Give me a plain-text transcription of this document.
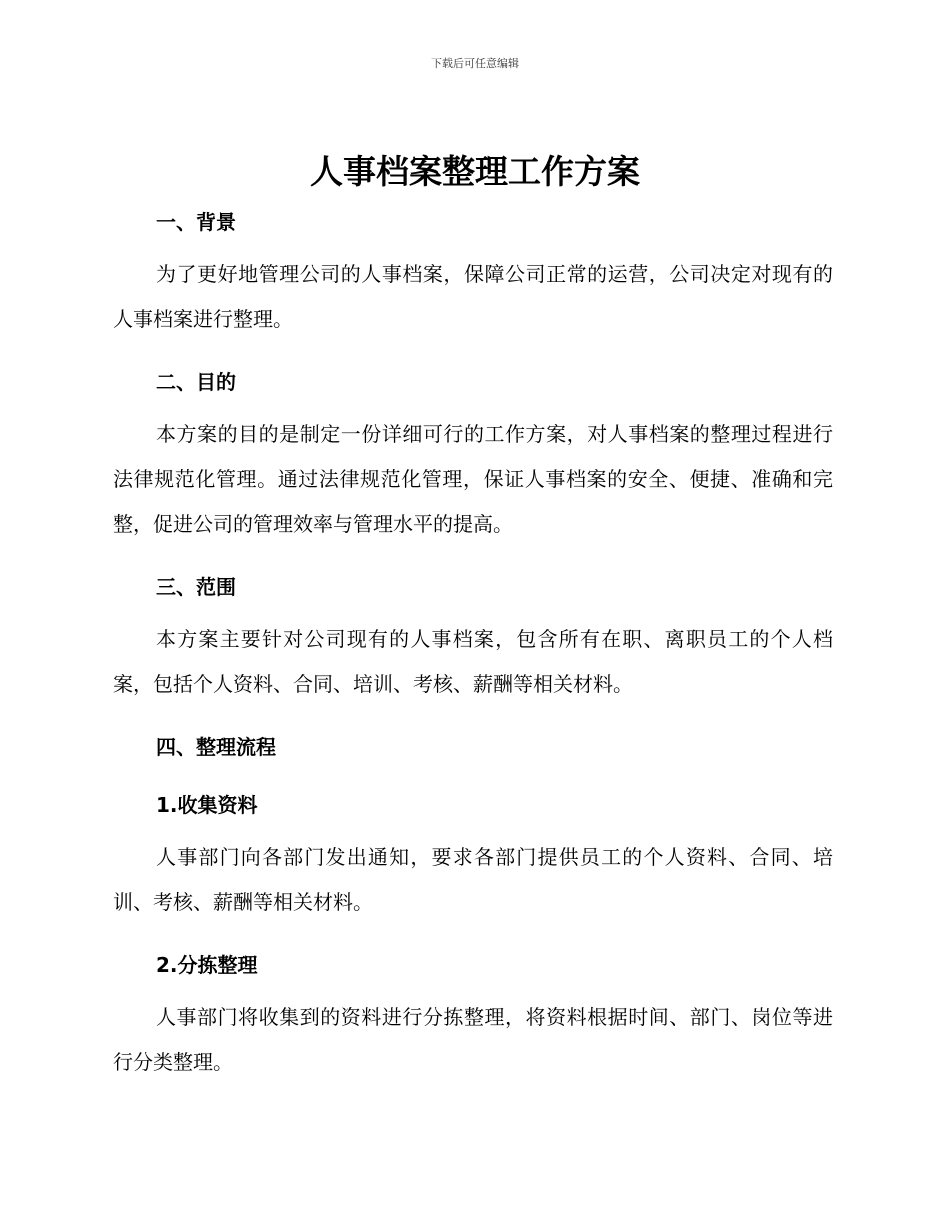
下载后可任意编辑
人事档案整理工作方案

一、背景

为了更好地管理公司的人事档案，保障公司正常的运营，公司决定对现有的人事档案进行整理。

二、目的

本方案的目的是制定一份详细可行的工作方案，对人事档案的整理过程进行法律规范化管理。通过法律规范化管理，保证人事档案的安全、便捷、准确和完整，促进公司的管理效率与管理水平的提高。

三、范围

本方案主要针对公司现有的人事档案，包含所有在职、离职员工的个人档案，包括个人资料、合同、培训、考核、薪酬等相关材料。

四、整理流程

1.收集资料

人事部门向各部门发出通知，要求各部门提供员工的个人资料、合同、培训、考核、薪酬等相关材料。

2.分拣整理

人事部门将收集到的资料进行分拣整理，将资料根据时间、部门、岗位等进行分类整理。
